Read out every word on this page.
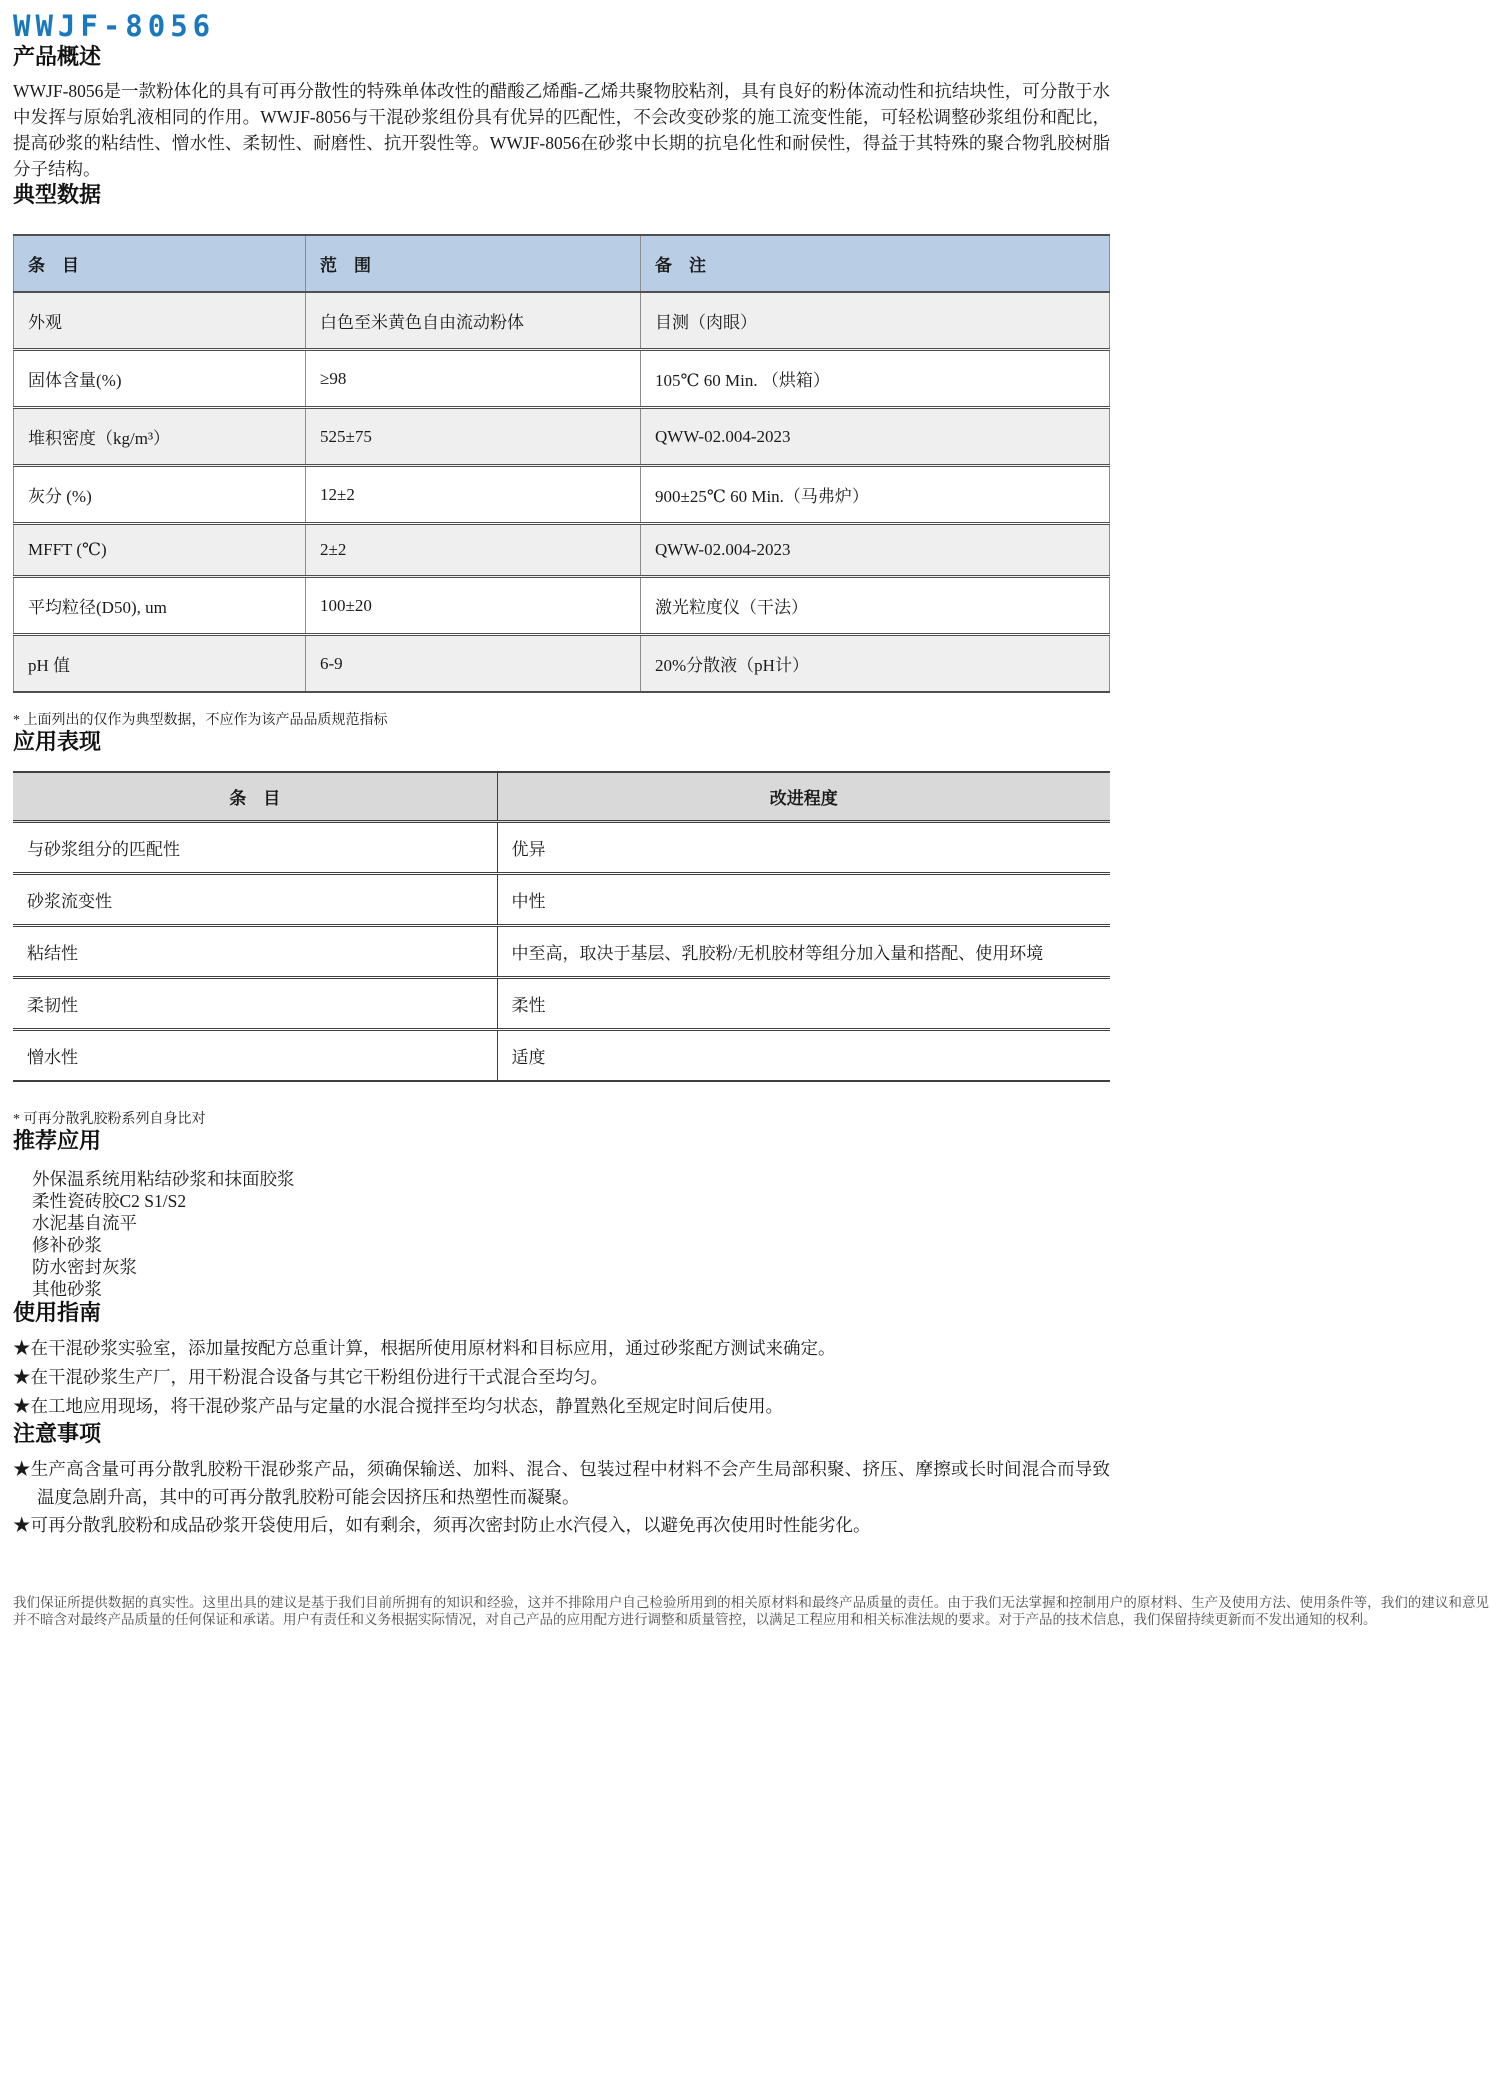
WWJF-8056
产品概述

WWJF-8056是一款粉体化的具有可再分散性的特殊单体改性的醋酸乙烯酯-乙烯共聚物胶粘剂，具有良好的粉体流动性和抗结块性，可分散于水中发挥与原始乳液相同的作用。WWJF-8056与干混砂浆组份具有优异的匹配性，不会改变砂浆的施工流变性能，可轻松调整砂浆组份和配比，提高砂浆的粘结性、憎水性、柔韧性、耐磨性、抗开裂性等。WWJF-8056在砂浆中长期的抗皂化性和耐侯性，得益于其特殊的聚合物乳胶树脂分子结构。

典型数据
条　目	范　围	备　注
外观	白色至米黄色自由流动粉体	目测（肉眼）
固体含量(%)	≥98	105℃ 60 Min. （烘箱）
堆积密度（kg/m³）	525±75	QWW-02.004-2023
灰分 (%)	12±2	900±25℃ 60 Min.（马弗炉）
MFFT (℃)	2±2	QWW-02.004-2023
平均粒径(D50), um	100±20	激光粒度仪（干法）
pH 值	6-9	20%分散液（pH计）
* 上面列出的仅作为典型数据，不应作为该产品品质规范指标
应用表现
条　目	改进程度
与砂浆组分的匹配性	优异
砂浆流变性	中性
粘结性	中至高，取决于基层、乳胶粉/无机胶材等组分加入量和搭配、使用环境
柔韧性	柔性
憎水性	适度
* 可再分散乳胶粉系列自身比对
推荐应用
外保温系统用粘结砂浆和抹面胶浆
柔性瓷砖胶C2 S1/S2
水泥基自流平
修补砂浆
防水密封灰浆
其他砂浆
使用指南
★在干混砂浆实验室，添加量按配方总重计算，根据所使用原材料和目标应用，通过砂浆配方测试来确定。
★在干混砂浆生产厂，用干粉混合设备与其它干粉组份进行干式混合至均匀。
★在工地应用现场，将干混砂浆产品与定量的水混合搅拌至均匀状态，静置熟化至规定时间后使用。
注意事项
★生产高含量可再分散乳胶粉干混砂浆产品，须确保输送、加料、混合、包装过程中材料不会产生局部积聚、挤压、摩擦或长时间混合而导致温度急剧升高，其中的可再分散乳胶粉可能会因挤压和热塑性而凝聚。
★可再分散乳胶粉和成品砂浆开袋使用后，如有剩余，须再次密封防止水汽侵入，以避免再次使用时性能劣化。
我们保证所提供数据的真实性。这里出具的建议是基于我们目前所拥有的知识和经验，这并不排除用户自己检验所用到的相关原材料和最终产品质量的责任。由于我们无法掌握和控制用户的原材料、生产及使用方法、使用条件等，我们的建议和意见并不暗含对最终产品质量的任何保证和承诺。用户有责任和义务根据实际情况，对自己产品的应用配方进行调整和质量管控，以满足工程应用和相关标准法规的要求。对于产品的技术信息，我们保留持续更新而不发出通知的权利。
